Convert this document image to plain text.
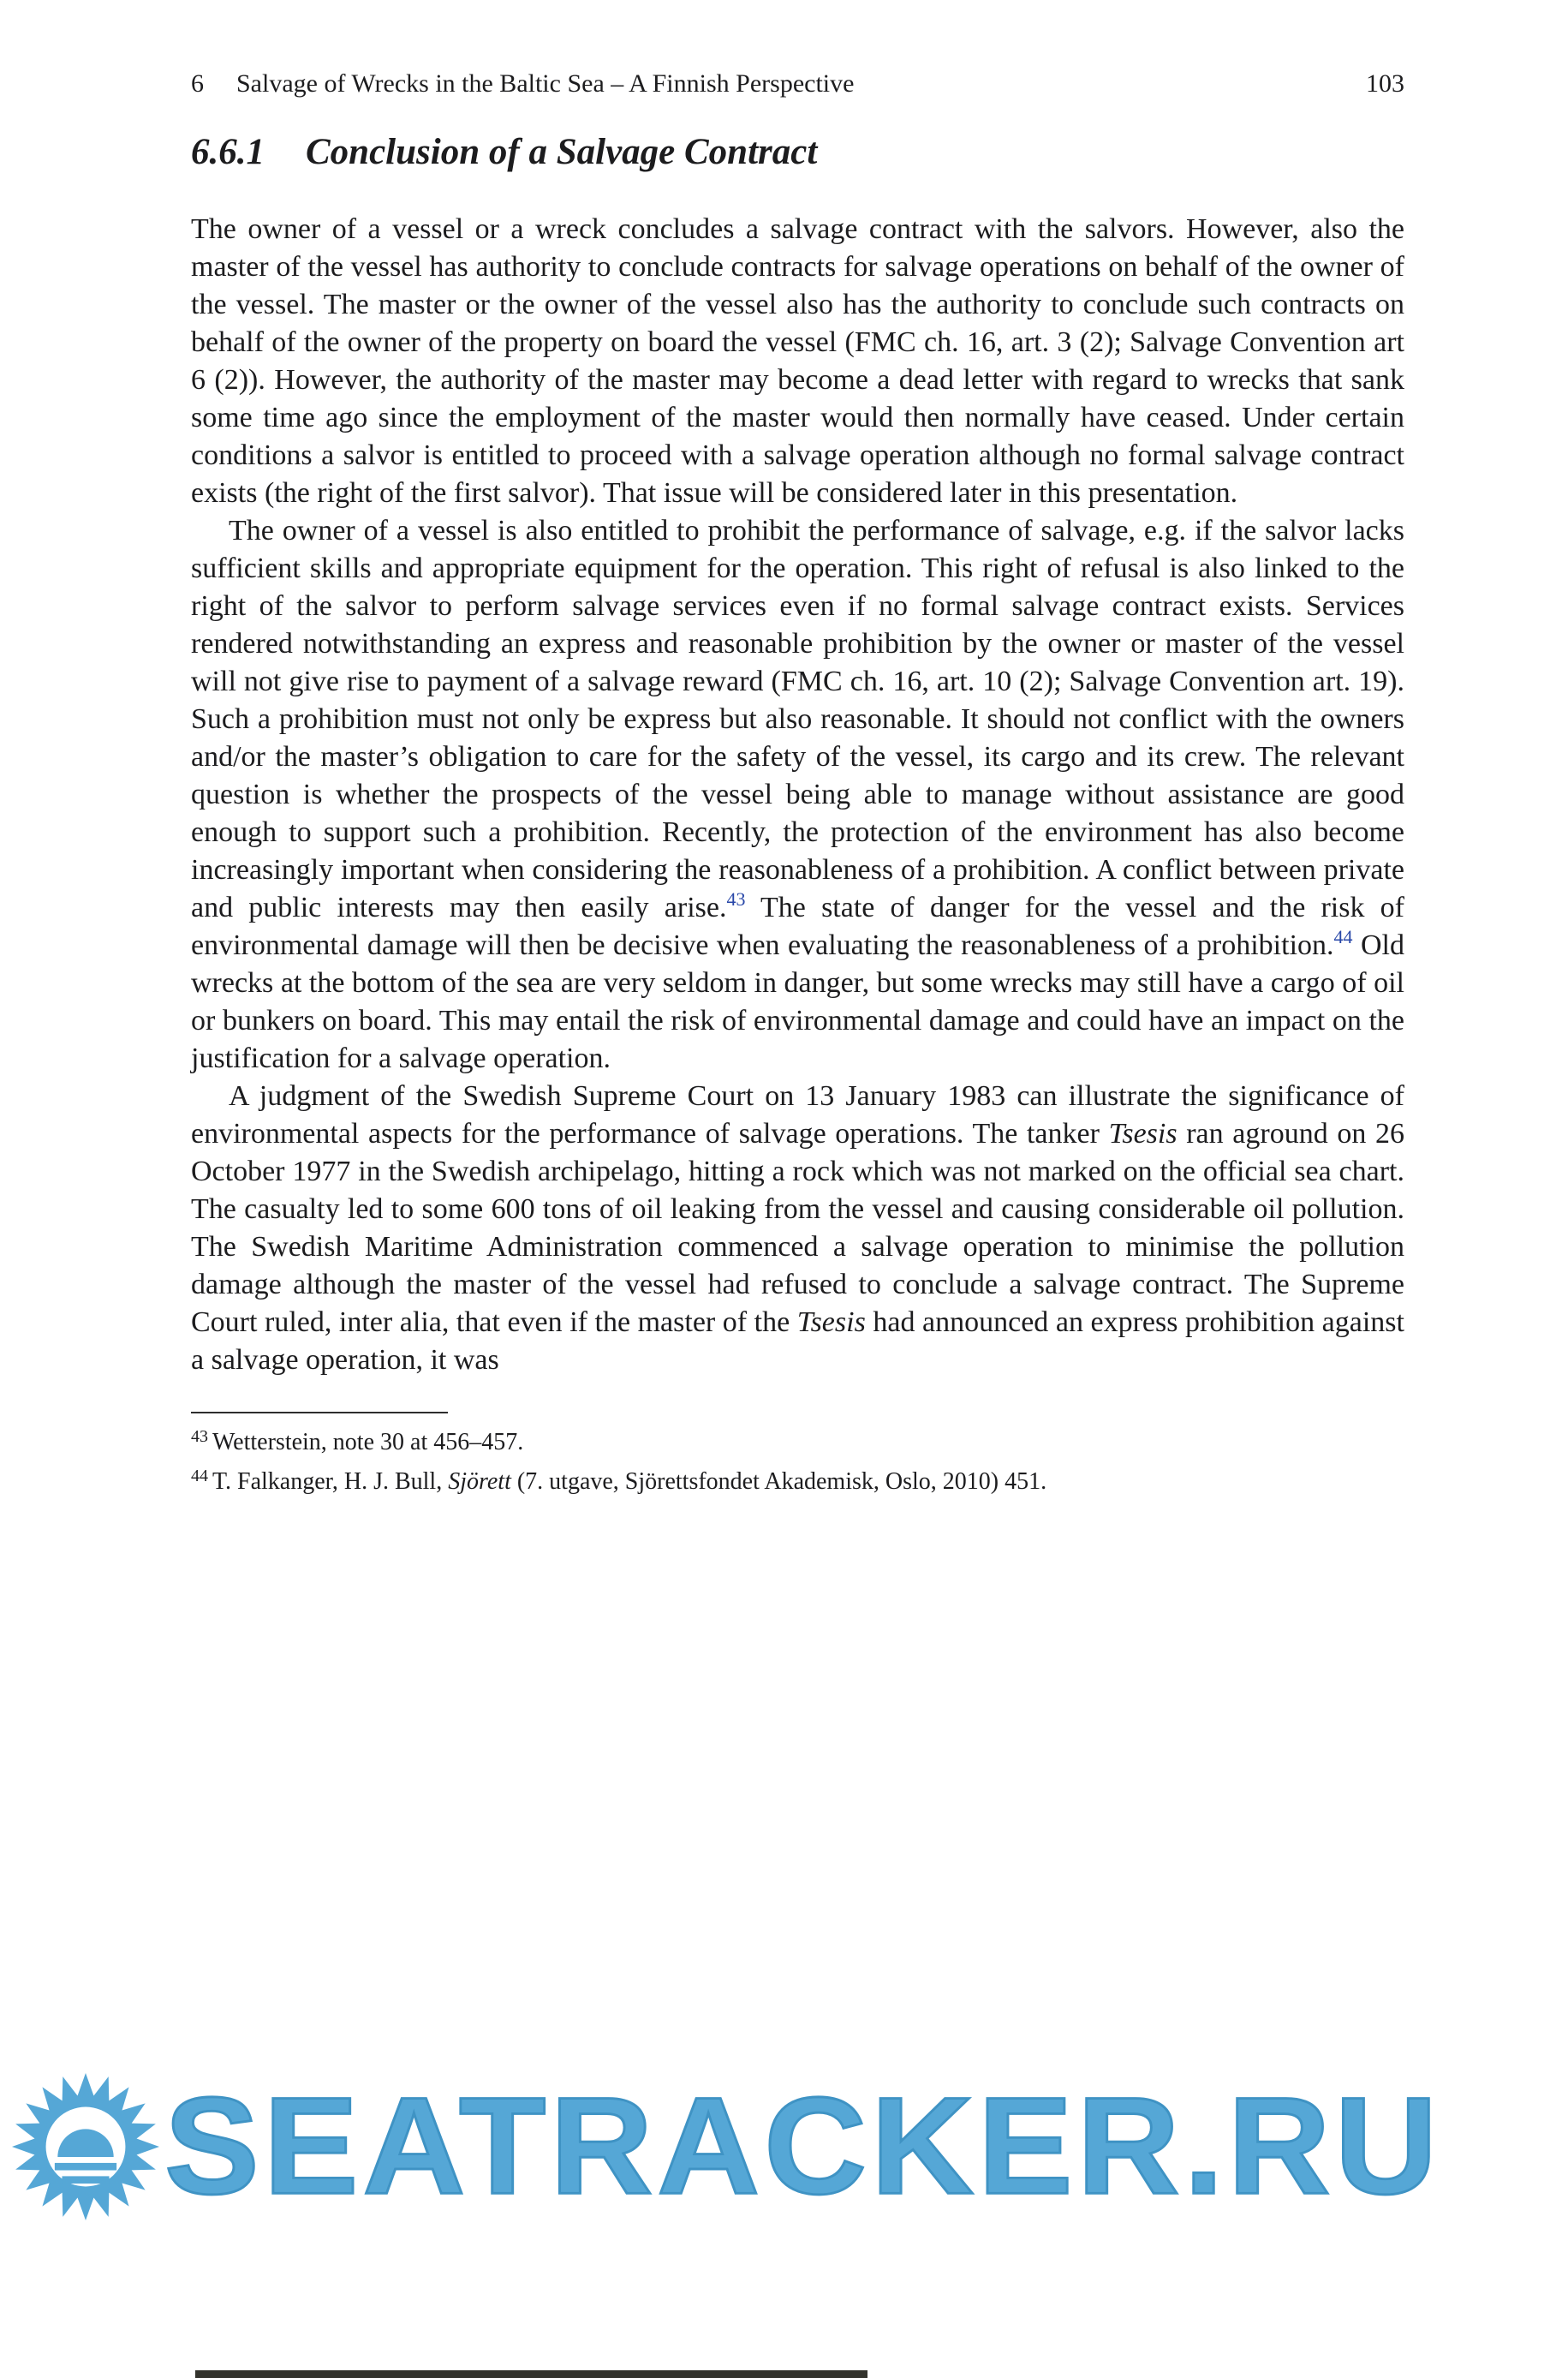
6 Salvage of Wrecks in the Baltic Sea – A Finnish Perspective	103
6.6.1 Conclusion of a Salvage Contract

The owner of a vessel or a wreck concludes a salvage contract with the salvors. However, also the master of the vessel has authority to conclude contracts for salvage operations on behalf of the owner of the vessel. The master or the owner of the vessel also has the authority to conclude such contracts on behalf of the owner of the property on board the vessel (FMC ch. 16, art. 3 (2); Salvage Convention art 6 (2)). However, the authority of the master may become a dead letter with regard to wrecks that sank some time ago since the employment of the master would then normally have ceased. Under certain conditions a salvor is entitled to proceed with a salvage operation although no formal salvage contract exists (the right of the first salvor). That issue will be considered later in this presentation.

The owner of a vessel is also entitled to prohibit the performance of salvage, e.g. if the salvor lacks sufficient skills and appropriate equipment for the operation. This right of refusal is also linked to the right of the salvor to perform salvage services even if no formal salvage contract exists. Services rendered notwithstanding an express and reasonable prohibition by the owner or master of the vessel will not give rise to payment of a salvage reward (FMC ch. 16, art. 10 (2); Salvage Convention art. 19). Such a prohibition must not only be express but also reasonable. It should not conflict with the owners and/or the master’s obligation to care for the safety of the vessel, its cargo and its crew. The relevant question is whether the prospects of the vessel being able to manage without assistance are good enough to support such a prohibition. Recently, the protection of the environment has also become increasingly important when considering the reasonableness of a prohibition. A conflict between private and public interests may then easily arise.$^{43}$ The state of danger for the vessel and the risk of environmental damage will then be decisive when evaluating the reasonableness of a prohibition.$^{44}$ Old wrecks at the bottom of the sea are very seldom in danger, but some wrecks may still have a cargo of oil or bunkers on board. This may entail the risk of environmental damage and could have an impact on the justification for a salvage operation.

A judgment of the Swedish Supreme Court on 13 January 1983 can illustrate the significance of environmental aspects for the performance of salvage operations. The tanker Tsesis ran aground on 26 October 1977 in the Swedish archipelago, hitting a rock which was not marked on the official sea chart. The casualty led to some 600 tons of oil leaking from the vessel and causing considerable oil pollution. The Swedish Maritime Administration commenced a salvage operation to minimise the pollution damage although the master of the vessel had refused to conclude a salvage contract. The Supreme Court ruled, inter alia, that even if the master of the Tsesis had announced an express prohibition against a salvage operation, it was

$^{43}$ Wetterstein, note 30 at 456–457.
$^{44}$ T. Falkanger, H. J. Bull, Sjörett (7. utgave, Sjörettsfondet Akademisk, Oslo, 2010) 451.
SEATRACKER.RU
